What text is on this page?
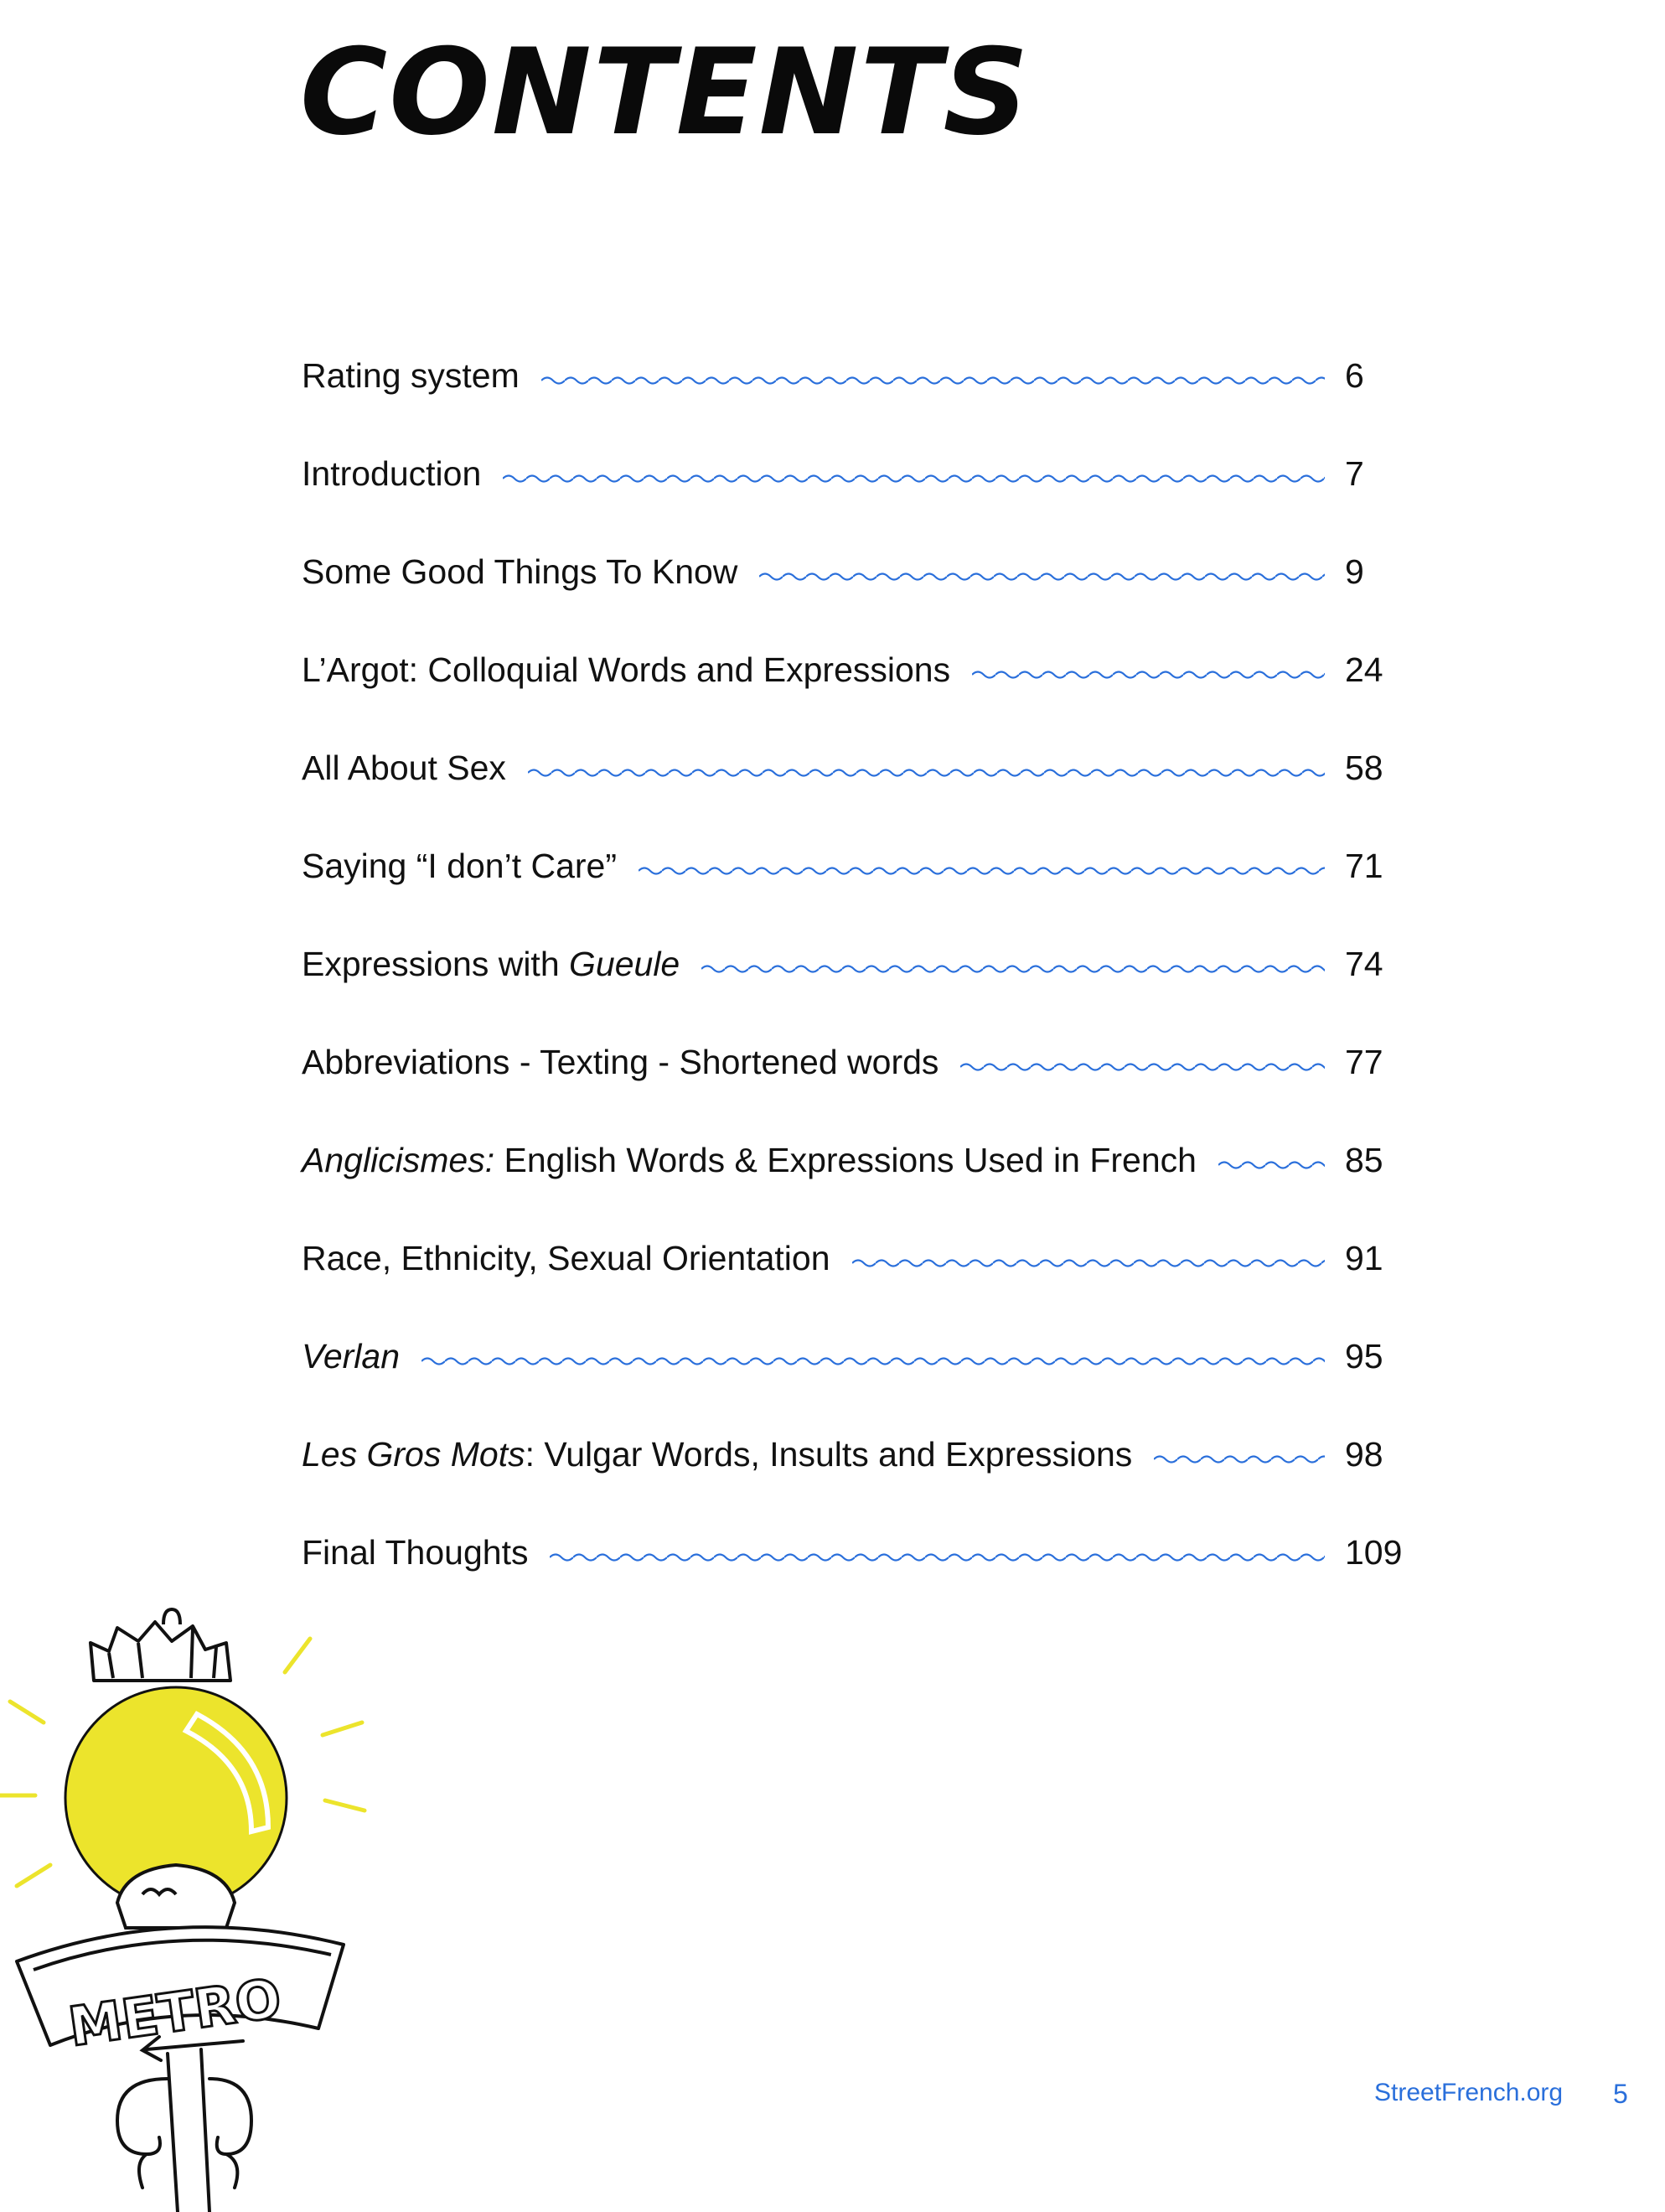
CONTENTS
Rating system	6
Introduction	7
Some Good Things To Know	9
L’Argot: Colloquial Words and Expressions	24
All About Sex	58
Saying “I don’t Care”	71
Expressions with Gueule	74
Abbreviations - Texting - Shortened words	77
Anglicismes: English Words & Expressions Used in French	85
Race, Ethnicity, Sexual Orientation	91
Verlan	95
Les Gros Mots: Vulgar Words, Insults and Expressions	98
Final Thoughts	109
METRO
StreetFrench.org 5
